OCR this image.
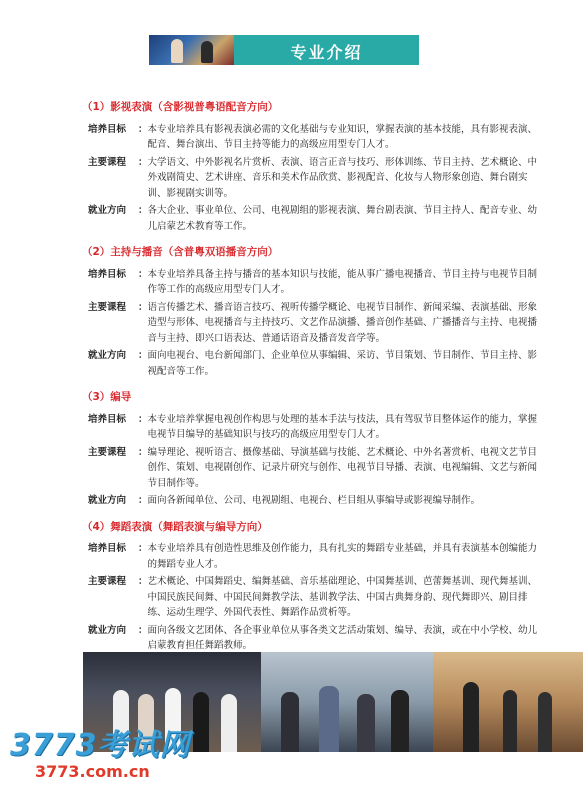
专业介绍
（1）影视表演（含影视普粤语配音方向）
培养目标	： 本专业培养具有影视表演必需的文化基础与专业知识，掌握表演的基本技能，具有影视表演、配音、舞台演出、节目主持等能力的高级应用型专门人才。
主要课程	： 大学语文、中外影视名片赏析、表演、语言正音与技巧、形体训练、节目主持、艺术概论、中外戏剧简史、艺术讲座、音乐和美术作品欣赏、影视配音、化妆与人物形象创造、舞台剧实训、影视剧实训等。
就业方向	： 各大企业、事业单位、公司、电视剧组的影视表演、舞台剧表演、节目主持人、配音专业、幼儿启蒙艺术教育等工作。
（2）主持与播音（含普粤双语播音方向）
培养目标	： 本专业培养具备主持与播音的基本知识与技能，能从事广播电视播音、节目主持与电视节目制作等工作的高级应用型专门人才。
主要课程	： 语言传播艺术、播音语言技巧、视听传播学概论、电视节目制作、新闻采编、表演基础、形象造型与形体、电视播音与主持技巧、文艺作品演播、播音创作基础、广播播音与主持、电视播音与主持、即兴口语表达、普通话语音及播音发音学等。
就业方向	： 面向电视台、电台新闻部门、企业单位从事编辑、采访、节目策划、节目制作、节目主持、影视配音等工作。
（3）编导
培养目标	： 本专业培养掌握电视创作构思与处理的基本手法与技法，具有驾驭节目整体运作的能力，掌握电视节目编导的基础知识与技巧的高级应用型专门人才。
主要课程	： 编导理论、视听语言、摄像基础、导演基础与技能、艺术概论、中外名著赏析、电视文艺节目创作、策划、电视剧创作、记录片研究与创作、电视节目导播、表演、电视编辑、文艺与新闻节目制作等。
就业方向	： 面向各新闻单位、公司、电视剧组、电视台、栏目组从事编导或影视编导制作。
（4）舞蹈表演（舞蹈表演与编导方向）
培养目标	： 本专业培养具有创造性思维及创作能力，具有扎实的舞蹈专业基础，并具有表演基本创编能力的舞蹈专业人才。
主要课程	： 艺术概论、中国舞蹈史、编舞基础、音乐基础理论、中国舞基训、芭蕾舞基训、现代舞基训、中国民族民间舞、中国民间舞教学法、基训教学法、中国古典舞身韵、现代舞即兴、剧目排练、运动生理学、外国代表性、舞蹈作品赏析等。
就业方向	： 面向各级文艺团体、各企事业单位从事各类文艺活动策划、编导、表演，或在中小学校、幼儿启蒙教育担任舞蹈教师。
3773考试网
3773.com.cn
